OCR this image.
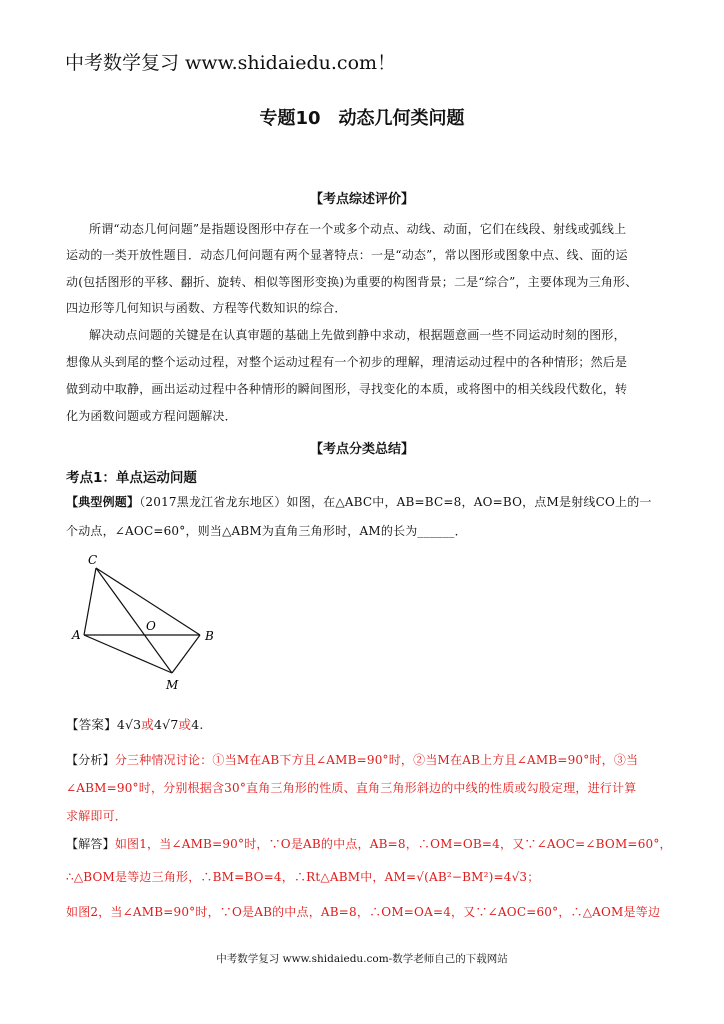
中考数学复习 www.shidaiedu.com！
专题10　动态几何类问题
【考点综述评价】
所谓“动态几何问题”是指题设图形中存在一个或多个动点、动线、动面，它们在线段、射线或弧线上
运动的一类开放性题目．动态几何问题有两个显著特点：一是“动态”，常以图形或图象中点、线、面的运
动(包括图形的平移、翻折、旋转、相似等图形变换)为重要的构图背景；二是“综合”，主要体现为三角形、
四边形等几何知识与函数、方程等代数知识的综合．
解决动点问题的关键是在认真审题的基础上先做到静中求动，根据题意画一些不同运动时刻的图形，
想像从头到尾的整个运动过程，对整个运动过程有一个初步的理解，理清运动过程中的各种情形；然后是
做到动中取静，画出运动过程中各种情形的瞬间图形，寻找变化的本质，或将图中的相关线段代数化，转
化为函数问题或方程问题解决．
【考点分类总结】
考点1：单点运动问题
【典型例题】（2017黑龙江省龙东地区）如图，在△ABC中，AB=BC=8，AO=BO，点M是射线CO上的一
个动点，∠AOC=60°，则当△ABM为直角三角形时，AM的长为______．
C
A
O
B
M
【答案】4√3或4√7或4.
【分析】分三种情况讨论：①当M在AB下方且∠AMB=90°时，②当M在AB上方且∠AMB=90°时，③当
∠ABM=90°时，分别根据含30°直角三角形的性质、直角三角形斜边的中线的性质或勾股定理，进行计算
求解即可．
【解答】如图1，当∠AMB=90°时，∵O是AB的中点，AB=8，∴OM=OB=4，又∵∠AOC=∠BOM=60°，
∴△BOM是等边三角形，∴BM=BO=4，∴Rt△ABM中，AM=√(AB²−BM²)=4√3；
如图2，当∠AMB=90°时，∵O是AB的中点，AB=8，∴OM=OA=4，又∵∠AOC=60°，∴△AOM是等边
中考数学复习 www.shidaiedu.com-数学老师自己的下载网站
